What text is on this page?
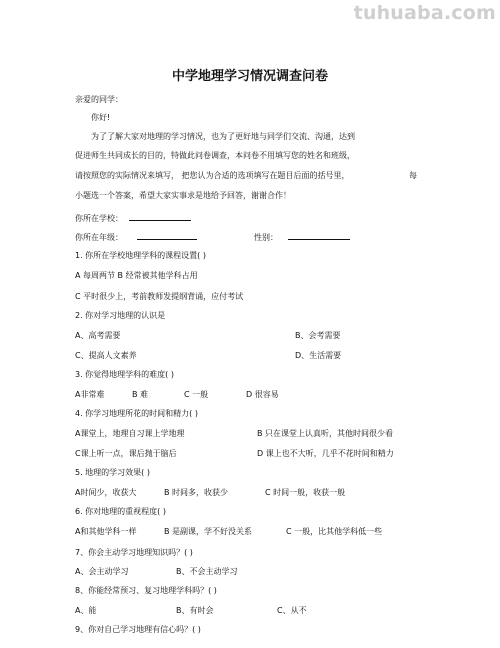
tuhuaba.com
中学地理学习情况调查问卷
亲爱的同学：
你好!
为了了解大家对地理的学习情况，也为了更好地与同学们交流、沟通，达到
促进师生共同成长的目的，特做此问卷调查，本问卷不用填写您的姓名和班级，
请按照您的实际情况来填写， 把您认为合适的选项填写在题目后面的括号里，	每
小题选一个答案，希望大家实事求是地给予回答，谢谢合作！
你所在学校：
你所在年级：	性别：
1. 你所在学校地理学科的课程设置( )
A 每周两节 B 经常被其他学科占用
C 平时很少上，考前教师发提纲背诵，应付考试
2. 你对学习地理的认识是
A、高考需要	B、会考需要
C、提高人文素养	D、生活需要
3. 你觉得地理学科的难度( )
A非常难	B 难	C 一般	D 很容易
4. 你学习地理所花的时间和精力( )
A课堂上，地理自习课上学地理	B 只在课堂上认真听，其他时间很少看
C课上听一点，课后抛于脑后	D 课上也不大听，几乎不花时间和精力
5. 地理的学习效果( )
A时间少，收获大	B 时间多，收获少	C 时间一般，收获一般
6. 你对地理的重视程度( )
A和其他学科一样	B 是副课，学不好没关系	C 一般，比其他学科低一些
7、你会主动学习地理知识吗？( )
A、会主动学习	B、不会主动学习
8、你能经常预习、复习地理学科吗？( )
A、能	B、有时会	C、从不
9、你对自己学习地理有信心吗？( )
